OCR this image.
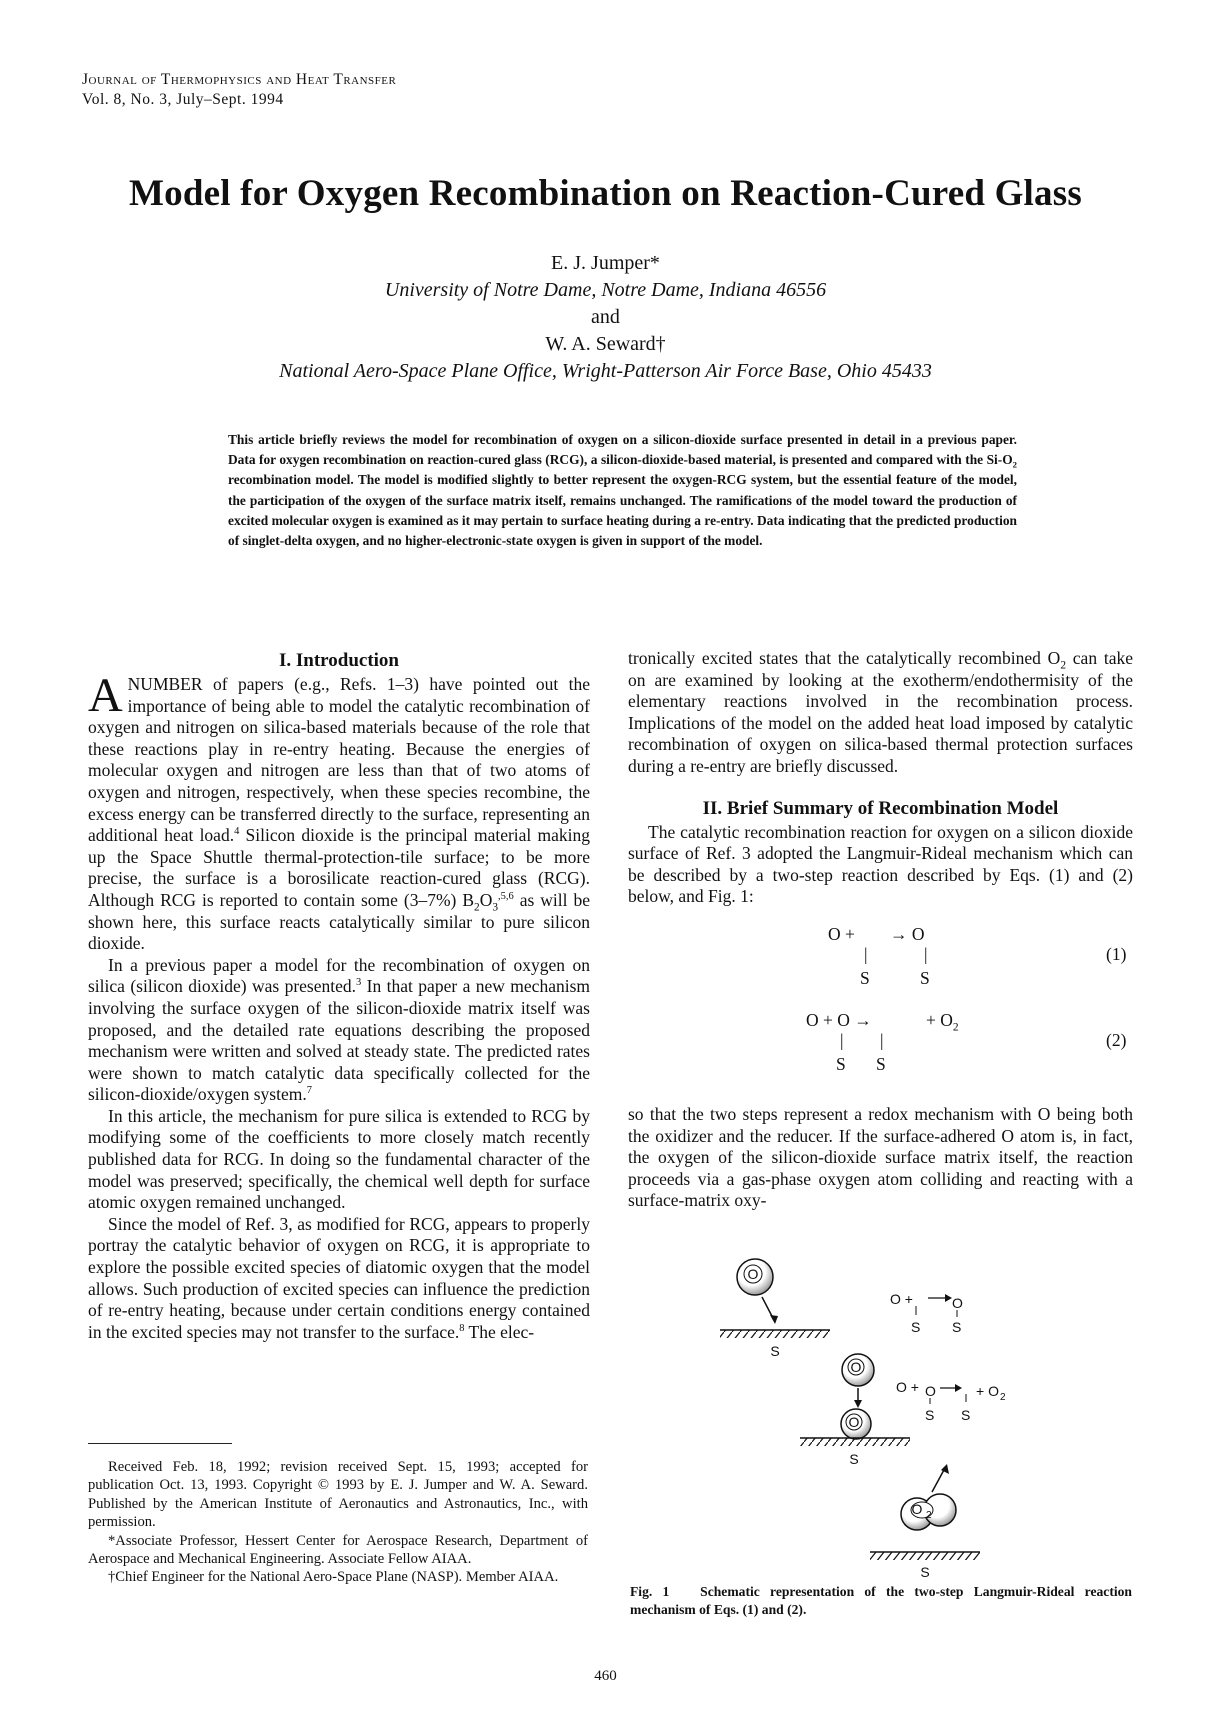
Journal of Thermophysics and Heat Transfer
Vol. 8, No. 3, July–Sept. 1994
Model for Oxygen Recombination on Reaction-Cured Glass
E. J. Jumper*
University of Notre Dame, Notre Dame, Indiana 46556
and
W. A. Seward†
National Aero-Space Plane Office, Wright-Patterson Air Force Base, Ohio 45433

This article briefly reviews the model for recombination of oxygen on a silicon-dioxide surface presented in detail in a previous paper. Data for oxygen recombination on reaction-cured glass (RCG), a silicon-dioxide-based material, is presented and compared with the $Si-O_2$ recombination model. The model is modified slightly to better represent the oxygen-RCG system, but the essential feature of the model, the participation of the oxygen of the surface matrix itself, remains unchanged. The ramifications of the model toward the production of excited molecular oxygen is examined as it may pertain to surface heating during a re-entry. Data indicating that the predicted production of singlet-delta oxygen, and no higher-electronic-state oxygen is given in support of the model.

I. Introduction

A NUMBER of papers (e.g., Refs. 1–3) have pointed out the importance of being able to model the catalytic recombination of oxygen and nitrogen on silica-based materials because of the role that these reactions play in re-entry heating. Because the energies of molecular oxygen and nitrogen are less than that of two atoms of oxygen and nitrogen, respectively, when these species recombine, the excess energy can be transferred directly to the surface, representing an additional heat load.$^4$ Silicon dioxide is the principal material making up the Space Shuttle thermal-protection-tile surface; to be more precise, the surface is a borosilicate reaction-cured glass (RCG). Although RCG is reported to contain some (3–7%) $B_2O_3^{,5,6}$ as will be shown here, this surface reacts catalytically similar to pure silicon dioxide.

In a previous paper a model for the recombination of oxygen on silica (silicon dioxide) was presented.$^3$ In that paper a new mechanism involving the surface oxygen of the silicon-dioxide matrix itself was proposed, and the detailed rate equations describing the proposed mechanism were written and solved at steady state. The predicted rates were shown to match catalytic data specifically collected for the silicon-dioxide/oxygen system.$^7$

In this article, the mechanism for pure silica is extended to RCG by modifying some of the coefficients to more closely match recently published data for RCG. In doing so the fundamental character of the model was preserved; specifically, the chemical well depth for surface atomic oxygen remained unchanged.

Since the model of Ref. 3, as modified for RCG, appears to properly portray the catalytic behavior of oxygen on RCG, it is appropriate to explore the possible excited species of diatomic oxygen that the model allows. Such production of excited species can influence the prediction of re-entry heating, because under certain conditions energy contained in the excited species may not transfer to the surface.$^8$ The elec-

tronically excited states that the catalytically recombined $O_2$ can take on are examined by looking at the exotherm/endothermisity of the elementary reactions involved in the recombination process. Implications of the model on the added heat load imposed by catalytic recombination of oxygen on silica-based thermal protection surfaces during a re-entry are briefly discussed.

II. Brief Summary of Recombination Model

The catalytic recombination reaction for oxygen on a silicon dioxide surface of Ref. 3 adopted the Langmuir-Rideal mechanism which can be described by a two-step reaction described by Eqs. (1) and (2) below, and Fig. 1:

O + → O
|	|
S	S
(1)
O + O →	+ $O_2$
| |
S S
(2)

so that the two steps represent a redox mechanism with O being both the oxidizer and the reducer. If the surface-adhered O atom is, in fact, the oxygen of the silicon-dioxide surface matrix itself, the reaction proceeds via a gas-phase oxygen atom colliding and reacting with a surface-matrix oxy-

Received Feb. 18, 1992; revision received Sept. 15, 1993; accepted for publication Oct. 13, 1993. Copyright © 1993 by E. J. Jumper and W. A. Seward. Published by the American Institute of Aeronautics and Astronautics, Inc., with permission.

*Associate Professor, Hessert Center for Aerospace Research, Department of Aerospace and Mechanical Engineering. Associate Fellow AIAA.

†Chief Engineer for the National Aero-Space Plane (NASP). Member AIAA.

O
S
O +
S
O
S
O
O
S
O + O
S S
+ O 2
O 2
S
Fig. 1 Schematic representation of the two-step Langmuir-Rideal reaction mechanism of Eqs. (1) and (2).
460
